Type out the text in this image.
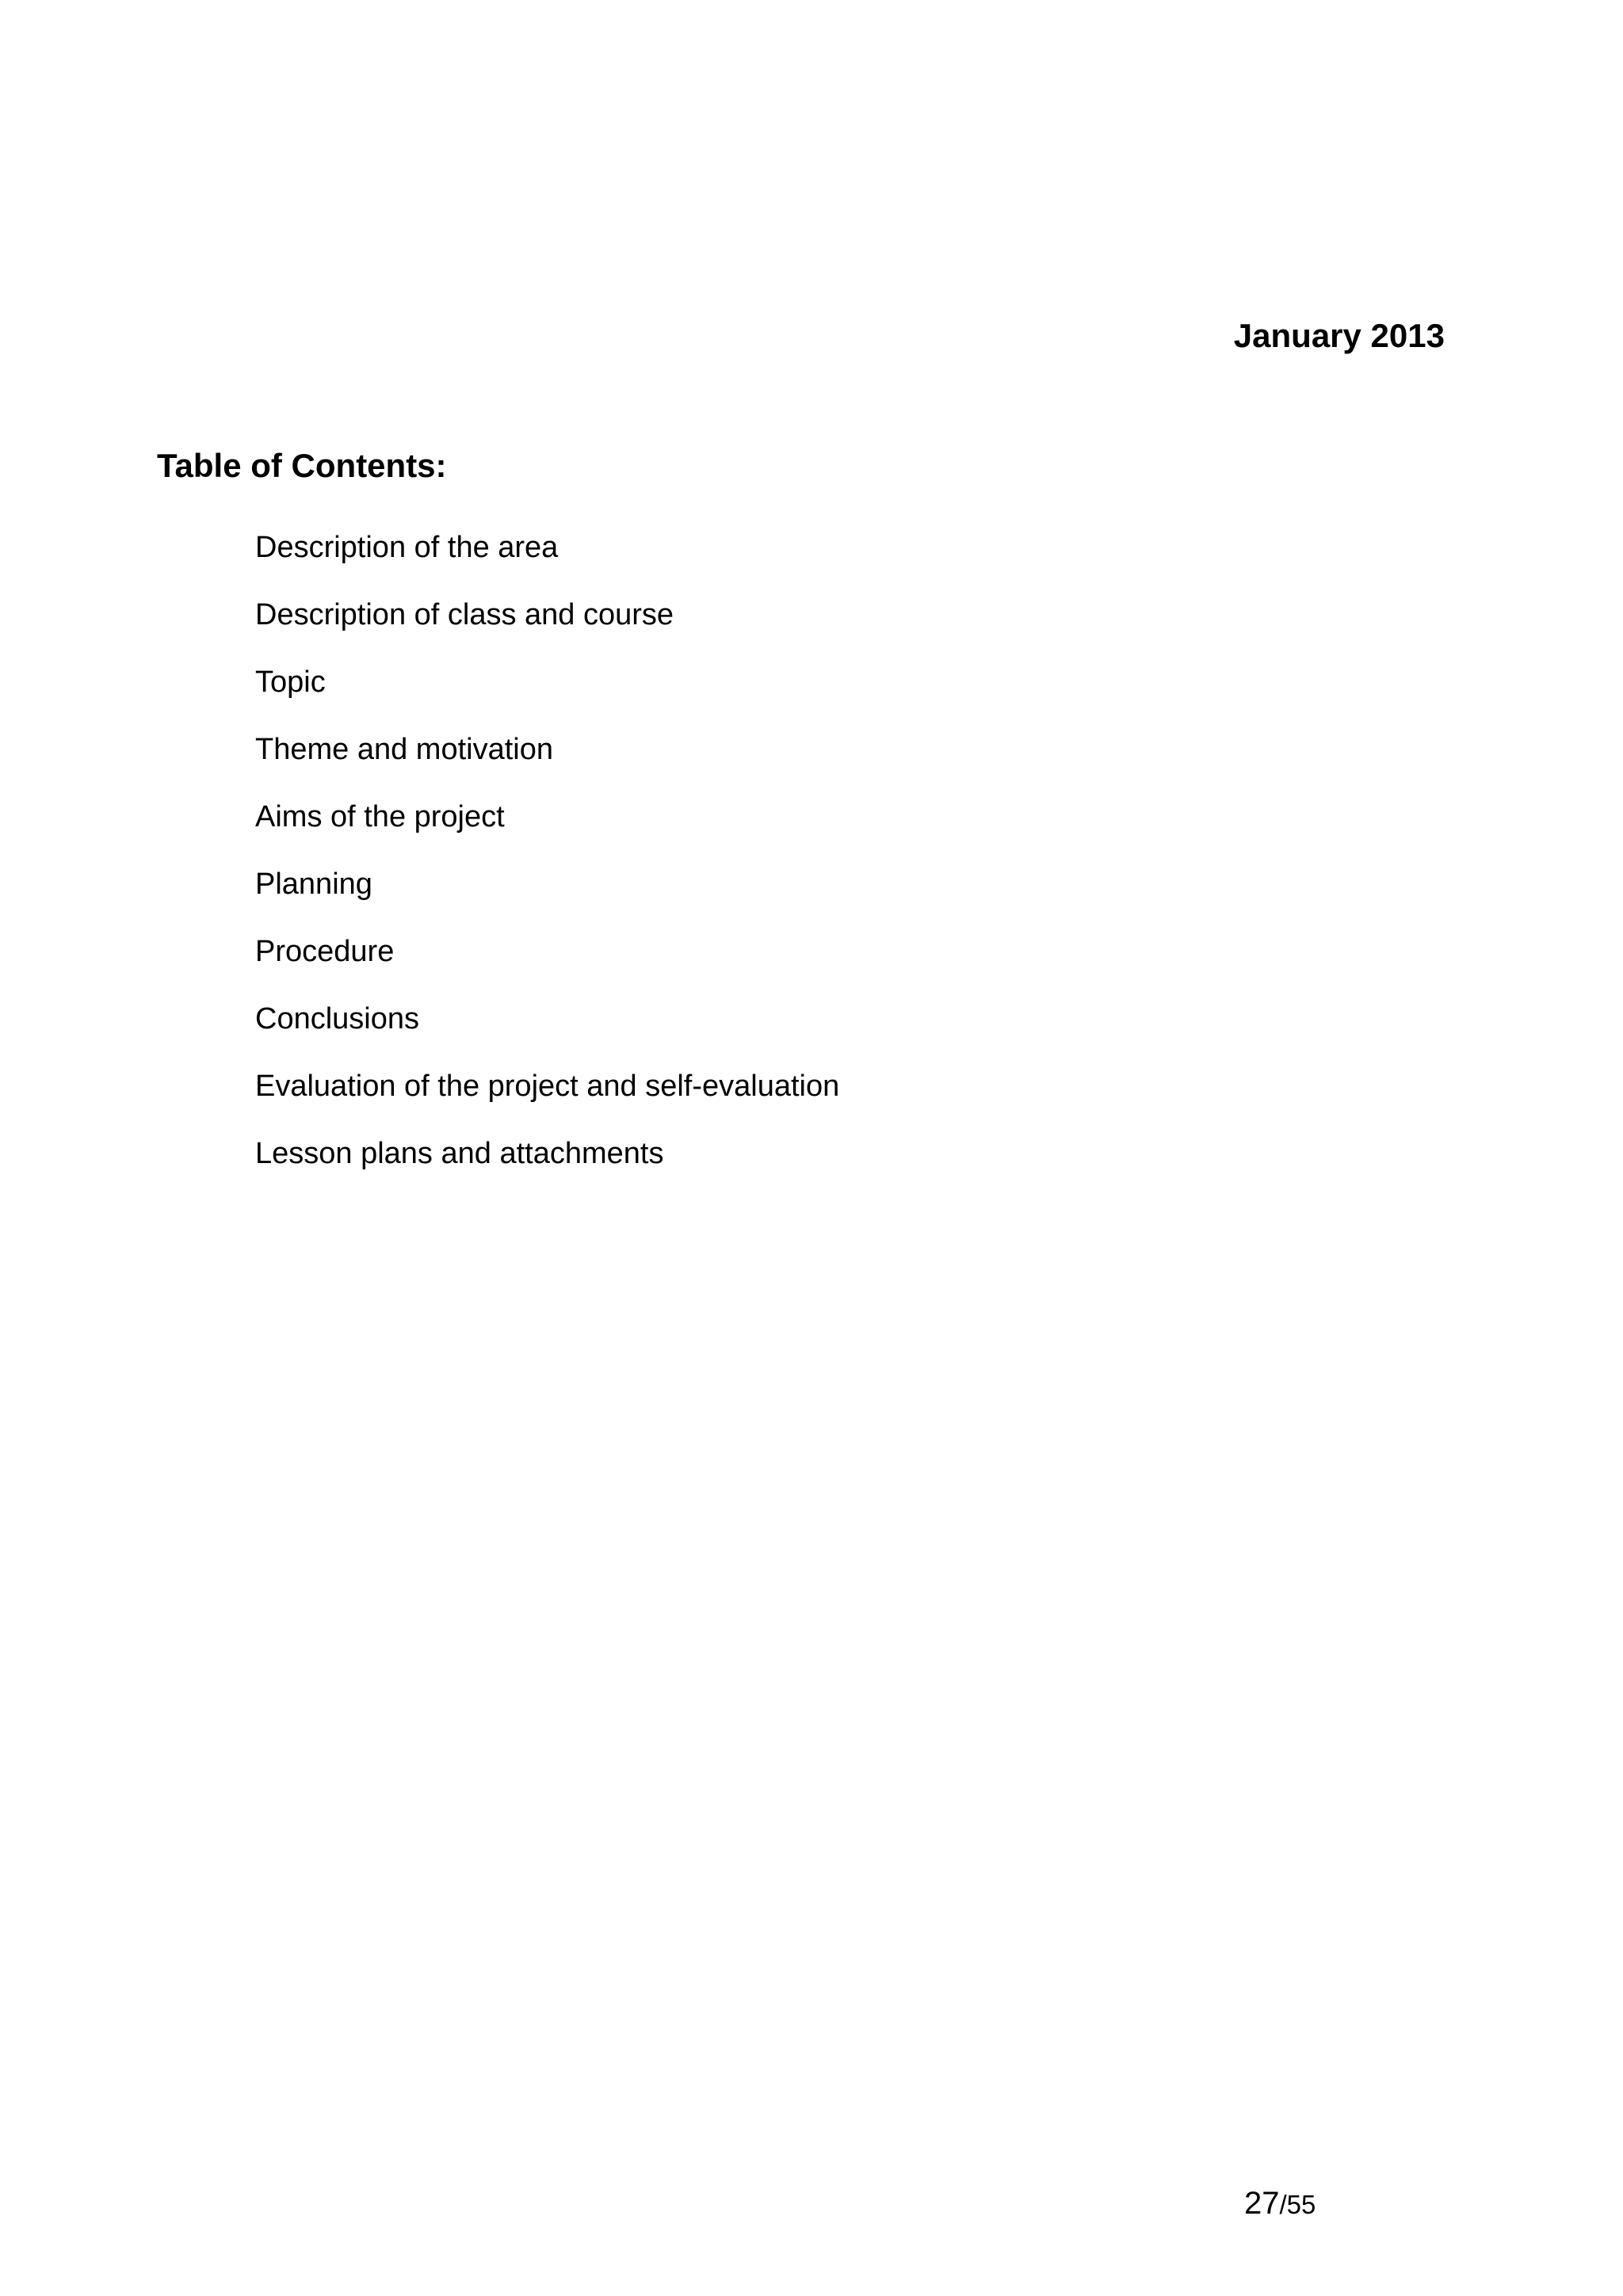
January 2013
Table of Contents:
Description of the area
Description of class and course
Topic
Theme and motivation
Aims of the project
Planning
Procedure
Conclusions
Evaluation of the project and self-evaluation
Lesson plans and attachments
27/55
